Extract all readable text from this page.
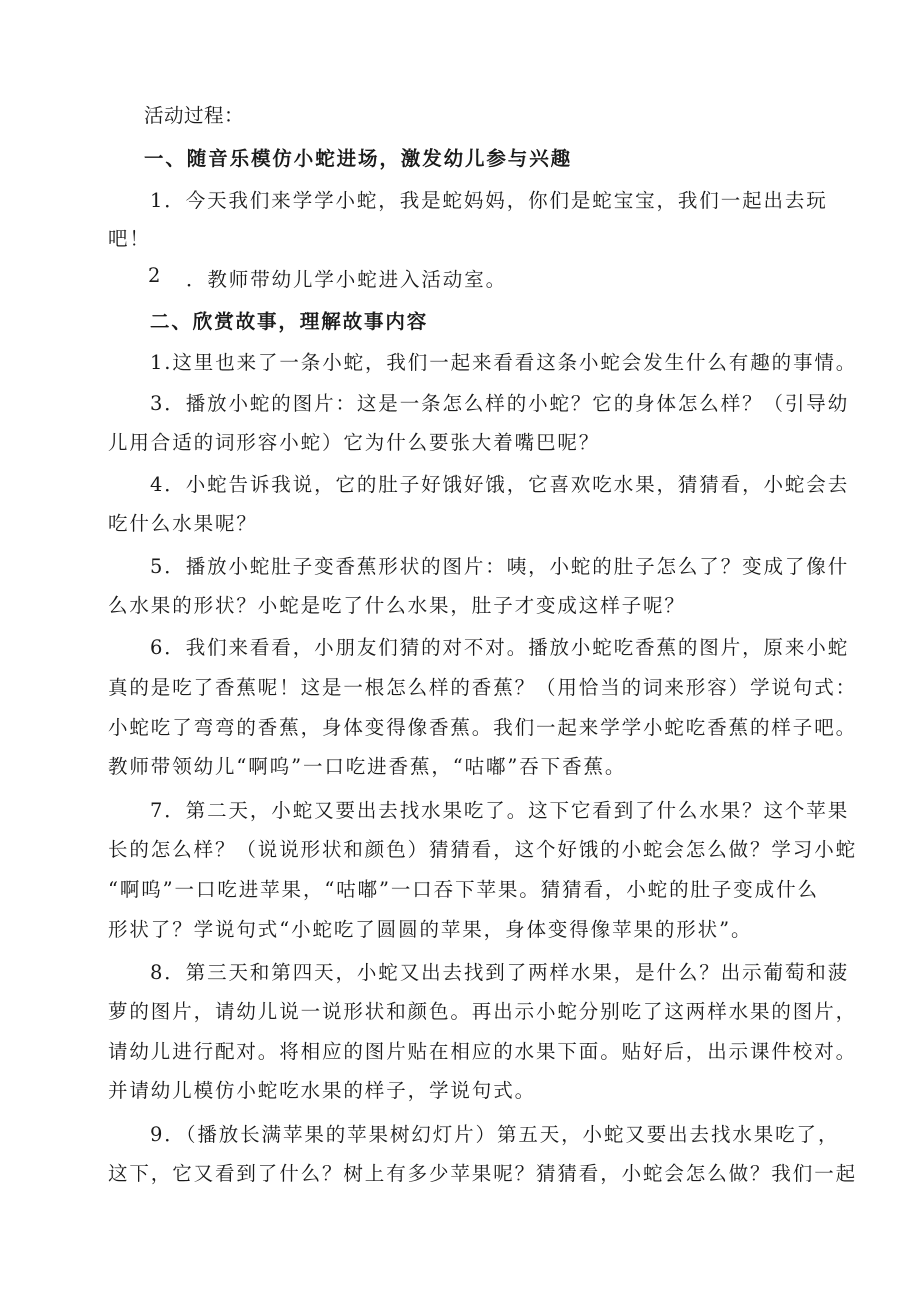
活动过程：
一、随音乐模仿小蛇进场，激发幼儿参与兴趣
1．今天我们来学学小蛇，我是蛇妈妈，你们是蛇宝宝，我们一起出去玩
吧！
2 ．教师带幼儿学小蛇进入活动室。
二、欣赏故事，理解故事内容
1.这里也来了一条小蛇，我们一起来看看这条小蛇会发生什么有趣的事情。
3．播放小蛇的图片：这是一条怎么样的小蛇？它的身体怎么样？（引导幼
儿用合适的词形容小蛇）它为什么要张大着嘴巴呢？
4．小蛇告诉我说，它的肚子好饿好饿，它喜欢吃水果，猜猜看，小蛇会去
吃什么水果呢？
5．播放小蛇肚子变香蕉形状的图片：咦，小蛇的肚子怎么了？变成了像什
么水果的形状？小蛇是吃了什么水果，肚子才变成这样子呢？
6．我们来看看，小朋友们猜的对不对。播放小蛇吃香蕉的图片，原来小蛇
真的是吃了香蕉呢！这是一根怎么样的香蕉？（用恰当的词来形容）学说句式：
小蛇吃了弯弯的香蕉，身体变得像香蕉。我们一起来学学小蛇吃香蕉的样子吧。
教师带领幼儿“啊呜”一口吃进香蕉，“咕嘟”吞下香蕉。
7．第二天，小蛇又要出去找水果吃了。这下它看到了什么水果？这个苹果
长的怎么样？（说说形状和颜色）猜猜看，这个好饿的小蛇会怎么做？学习小蛇
“啊呜”一口吃进苹果，“咕嘟”一口吞下苹果。猜猜看，小蛇的肚子变成什么
形状了？学说句式“小蛇吃了圆圆的苹果，身体变得像苹果的形状”。
8．第三天和第四天，小蛇又出去找到了两样水果，是什么？出示葡萄和菠
萝的图片，请幼儿说一说形状和颜色。再出示小蛇分别吃了这两样水果的图片，
请幼儿进行配对。将相应的图片贴在相应的水果下面。贴好后，出示课件校对。
并请幼儿模仿小蛇吃水果的样子，学说句式。
9．（播放长满苹果的苹果树幻灯片）第五天，小蛇又要出去找水果吃了，
这下，它又看到了什么？树上有多少苹果呢？猜猜看，小蛇会怎么做？我们一起
